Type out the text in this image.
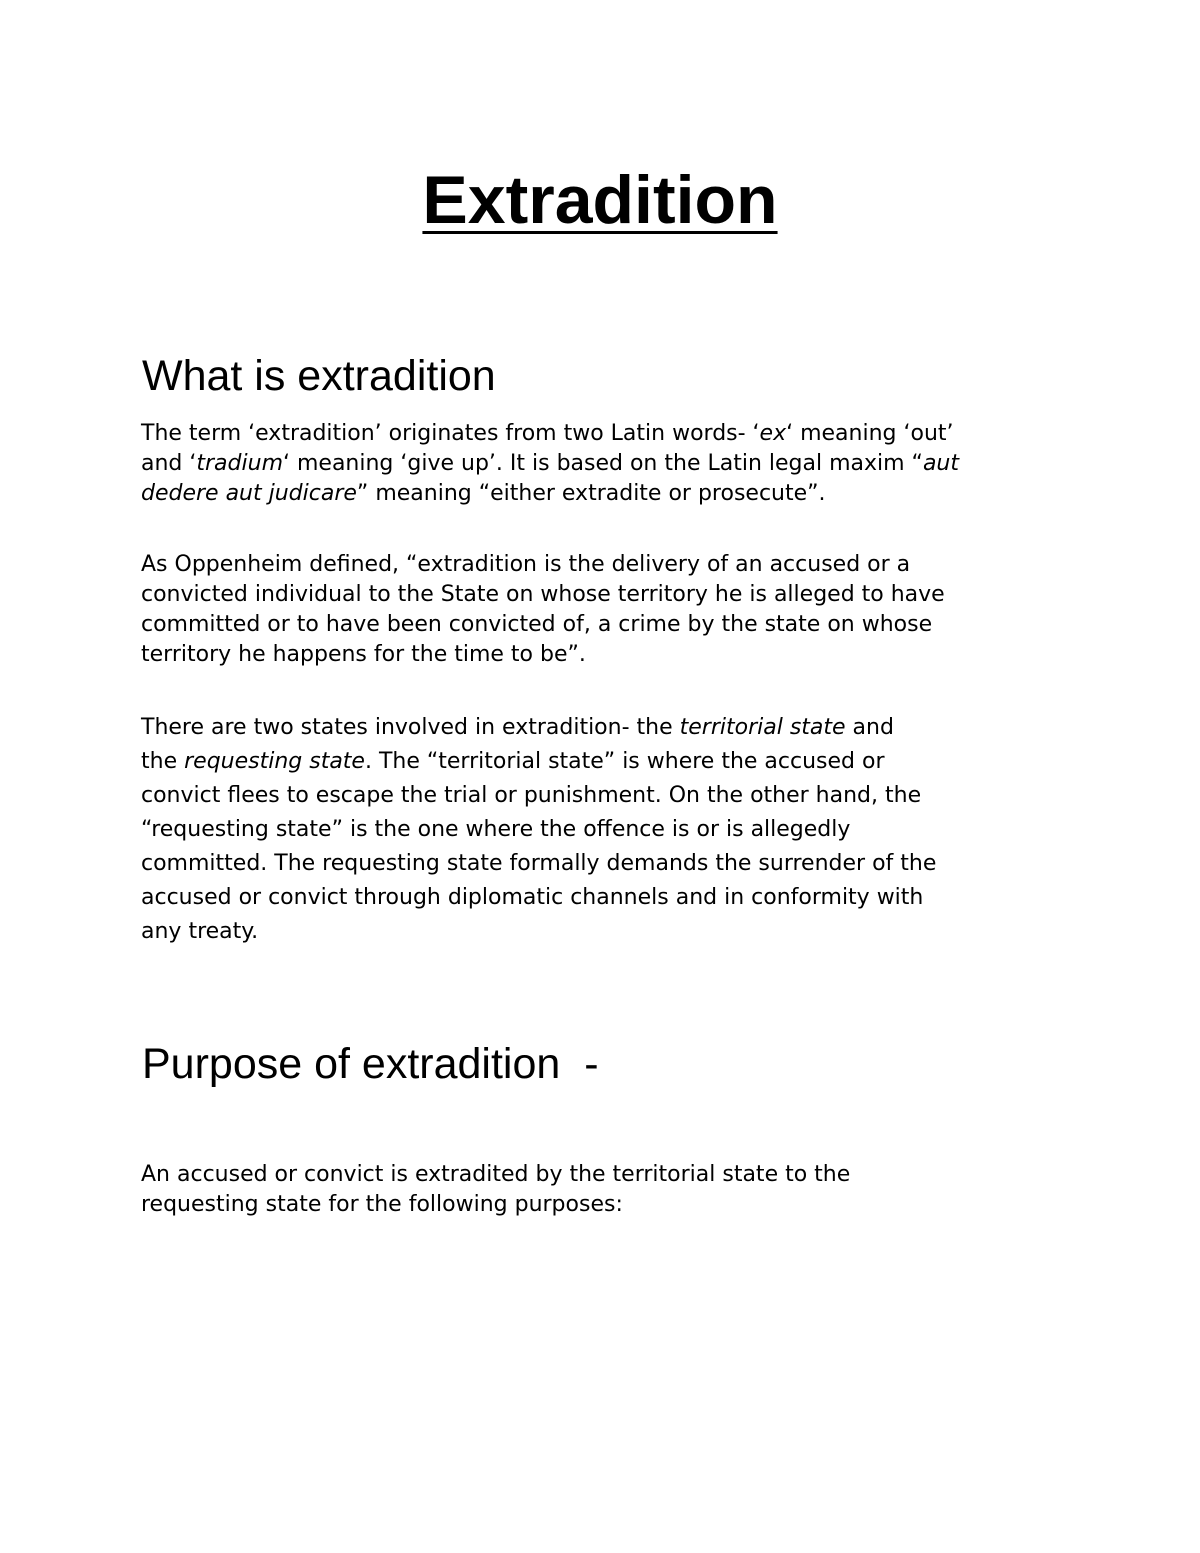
Extradition
What is extradition

The term ‘extradition’ originates from two Latin words- ‘ex‘ meaning ‘out’
and ‘tradium‘ meaning ‘give up’. It is based on the Latin legal maxim “aut
dedere aut judicare” meaning “either extradite or prosecute”.

As Oppenheim defined, “extradition is the delivery of an accused or a
convicted individual to the State on whose territory he is alleged to have
committed or to have been convicted of, a crime by the state on whose
territory he happens for the time to be”.

There are two states involved in extradition- the territorial state and
the requesting state. The “territorial state” is where the accused or
convict flees to escape the trial or punishment. On the other hand, the
“requesting state” is the one where the offence is or is allegedly
committed. The requesting state formally demands the surrender of the
accused or convict through diplomatic channels and in conformity with
any treaty.

Purpose of extradition  -

An accused or convict is extradited by the territorial state to the
requesting state for the following purposes:
